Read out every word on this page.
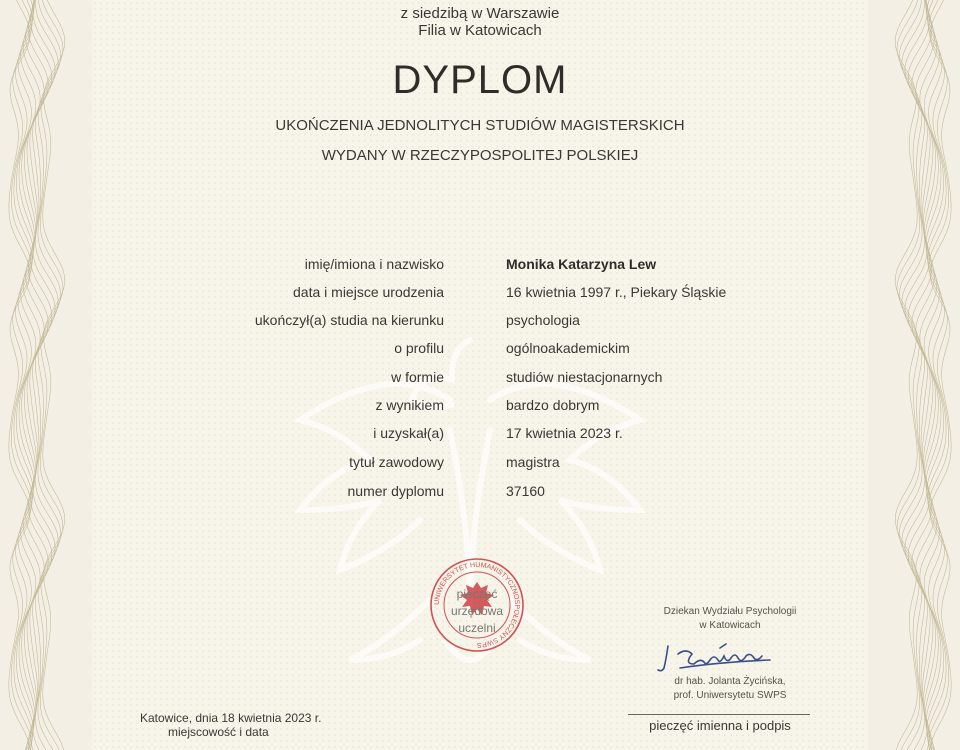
z siedzibą w Warszawie
Filia w Katowicach
DYPLOM
UKOŃCZENIA JEDNOLITYCH STUDIÓW MAGISTERSKICH
WYDANY W RZECZYPOSPOLITEJ POLSKIEJ
imię/imiona i nazwisko	Monika Katarzyna Lew
data i miejsce urodzenia	16 kwietnia 1997 r., Piekary Śląskie
ukończył(a) studia na kierunku	psychologia
o profilu	ogólnoakademickim
w formie	studiów niestacjonarnych
z wynikiem	bardzo dobrym
i uzyskał(a)	17 kwietnia 2023 r.
tytuł zawodowy	magistra
numer dyplomu	37160
UNIWERSYTET HUMANISTYCZNOSPOŁECZNY SWPS
pieczęć
urzędowa
uczelni
Dziekan Wydziału Psychologii
w Katowicach
dr hab. Jolanta Życińska,
prof. Uniwersytetu SWPS
Katowice, dnia 18 kwietnia 2023 r.
miejscowość i data	pieczęć imienna i podpis
